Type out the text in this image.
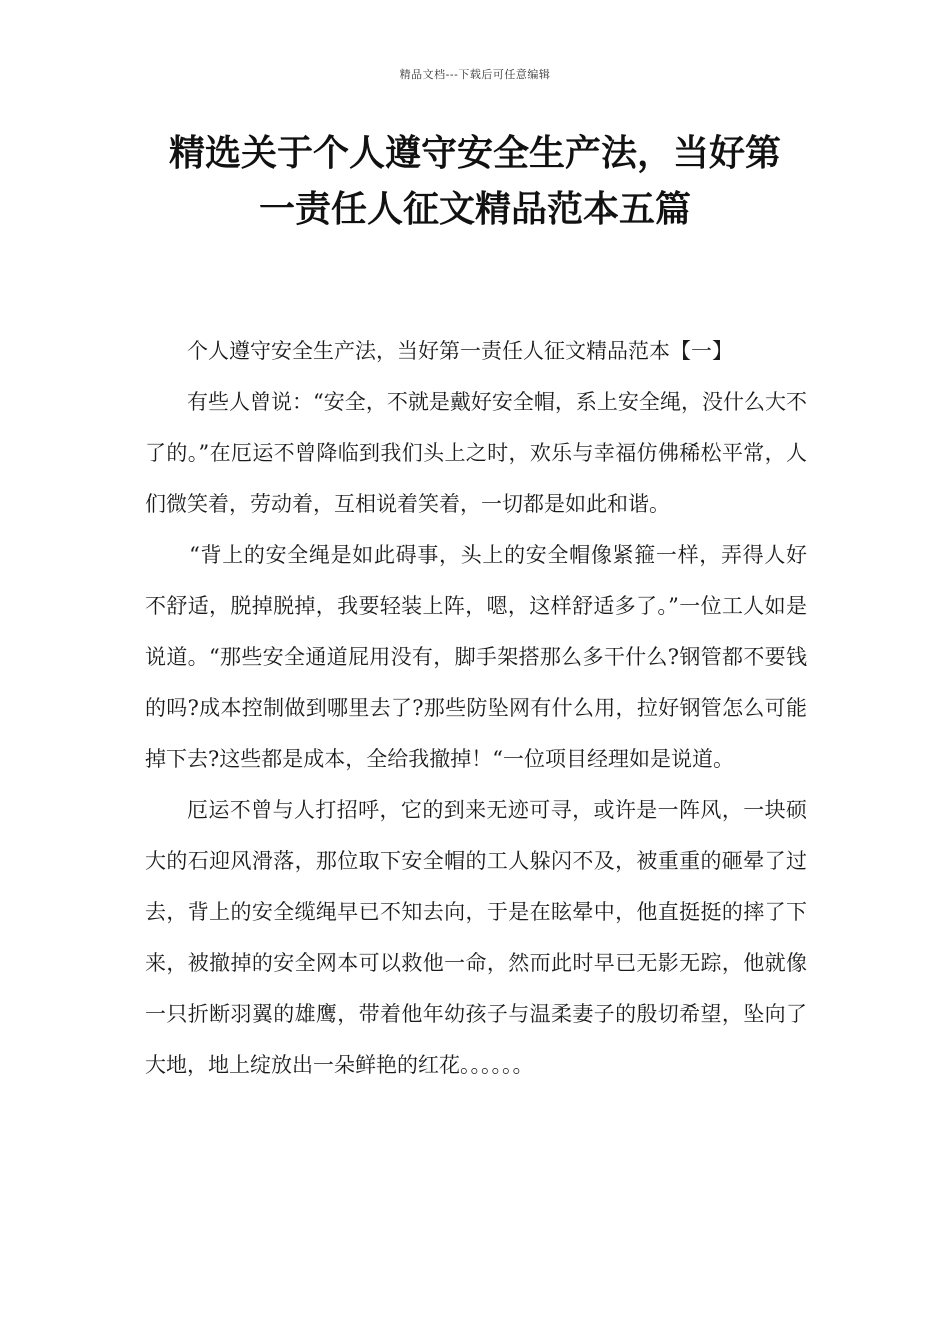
精品文档---下载后可任意编辑
精选关于个人遵守安全生产法，当好第
一责任人征文精品范本五篇

个人遵守安全生产法，当好第一责任人征文精品范本【一】

有些人曾说：“安全，不就是戴好安全帽，系上安全绳，没什么大不了的。”在厄运不曾降临到我们头上之时，欢乐与幸福仿佛稀松平常，人们微笑着，劳动着，互相说着笑着，一切都是如此和谐。

“背上的安全绳是如此碍事，头上的安全帽像紧箍一样，弄得人好不舒适，脱掉脱掉，我要轻装上阵，嗯，这样舒适多了。”一位工人如是说道。“那些安全通道屁用没有，脚手架搭那么多干什么?钢管都不要钱的吗?成本控制做到哪里去了?那些防坠网有什么用，拉好钢管怎么可能掉下去?这些都是成本，全给我撤掉！“一位项目经理如是说道。

厄运不曾与人打招呼，它的到来无迹可寻，或许是一阵风，一块硕大的石迎风滑落，那位取下安全帽的工人躲闪不及，被重重的砸晕了过去，背上的安全缆绳早已不知去向，于是在眩晕中，他直挺挺的摔了下来，被撤掉的安全网本可以救他一命，然而此时早已无影无踪，他就像一只折断羽翼的雄鹰，带着他年幼孩子与温柔妻子的殷切希望，坠向了大地，地上绽放出一朵鲜艳的红花。。。。。。
